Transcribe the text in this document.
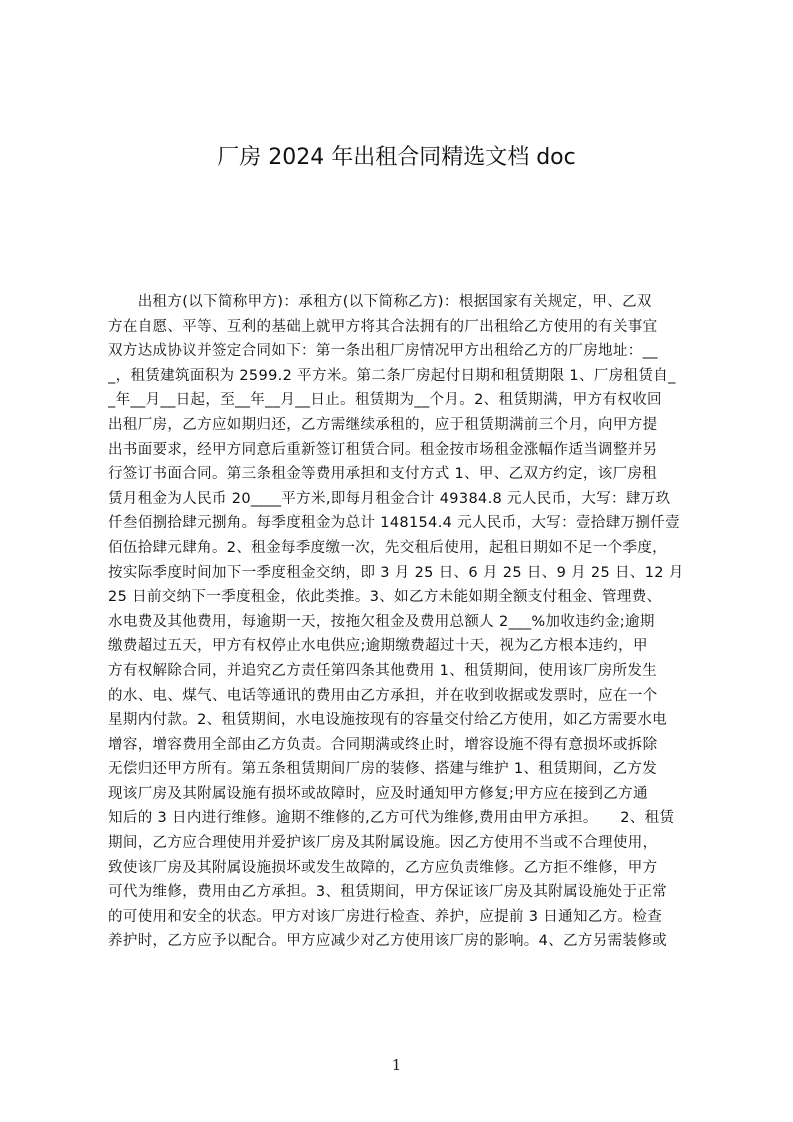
厂房 2024 年出租合同精选文档 doc
　　出租方(以下简称甲方)：承租方(以下简称乙方)：根据国家有关规定，甲、乙双
方在自愿、平等、互利的基础上就甲方将其合法拥有的厂出租给乙方使用的有关事宜
双方达成协议并签定合同如下：第一条出租厂房情况甲方出租给乙方的厂房地址：__
_，租赁建筑面积为 2599.2 平方米。第二条厂房起付日期和租赁期限 1、厂房租赁自_
_年__月__日起，至__年__月__日止。租赁期为__个月。2、租赁期满，甲方有权收回
出租厂房，乙方应如期归还，乙方需继续承租的，应于租赁期满前三个月，向甲方提
出书面要求，经甲方同意后重新签订租赁合同。租金按市场租金涨幅作适当调整并另
行签订书面合同。第三条租金等费用承担和支付方式 1、甲、乙双方约定，该厂房租
赁月租金为人民币 20____平方米,即每月租金合计 49384.8 元人民币，大写：肆万玖
仟叁佰捌拾肆元捌角。每季度租金为总计 148154.4 元人民币，大写：壹拾肆万捌仟壹
佰伍拾肆元肆角。2、租金每季度缴一次，先交租后使用，起租日期如不足一个季度，
按实际季度时间加下一季度租金交纳，即 3 月 25 日、6 月 25 日、9 月 25 日、12 月
25 日前交纳下一季度租金，依此类推。3、如乙方未能如期全额支付租金、管理费、
水电费及其他费用，每逾期一天，按拖欠租金及费用总额人 2___%加收违约金;逾期
缴费超过五天，甲方有权停止水电供应;逾期缴费超过十天，视为乙方根本违约，甲
方有权解除合同，并追究乙方责任第四条其他费用 1、租赁期间，使用该厂房所发生
的水、电、煤气、电话等通讯的费用由乙方承担，并在收到收据或发票时，应在一个
星期内付款。2、租赁期间，水电设施按现有的容量交付给乙方使用，如乙方需要水电
增容，增容费用全部由乙方负责。合同期满或终止时，增容设施不得有意损坏或拆除
无偿归还甲方所有。第五条租赁期间厂房的装修、搭建与维护 1、租赁期间，乙方发
现该厂房及其附属设施有损坏或故障时，应及时通知甲方修复;甲方应在接到乙方通
知后的 3 日内进行维修。逾期不维修的,乙方可代为维修,费用由甲方承担。　　2、租赁
期间，乙方应合理使用并爱护该厂房及其附属设施。因乙方使用不当或不合理使用，
致使该厂房及其附属设施损坏或发生故障的，乙方应负责维修。乙方拒不维修，甲方
可代为维修，费用由乙方承担。3、租赁期间，甲方保证该厂房及其附属设施处于正常
的可使用和安全的状态。甲方对该厂房进行检查、养护，应提前 3 日通知乙方。检查
养护时，乙方应予以配合。甲方应减少对乙方使用该厂房的影响。4、乙方另需装修或
1
